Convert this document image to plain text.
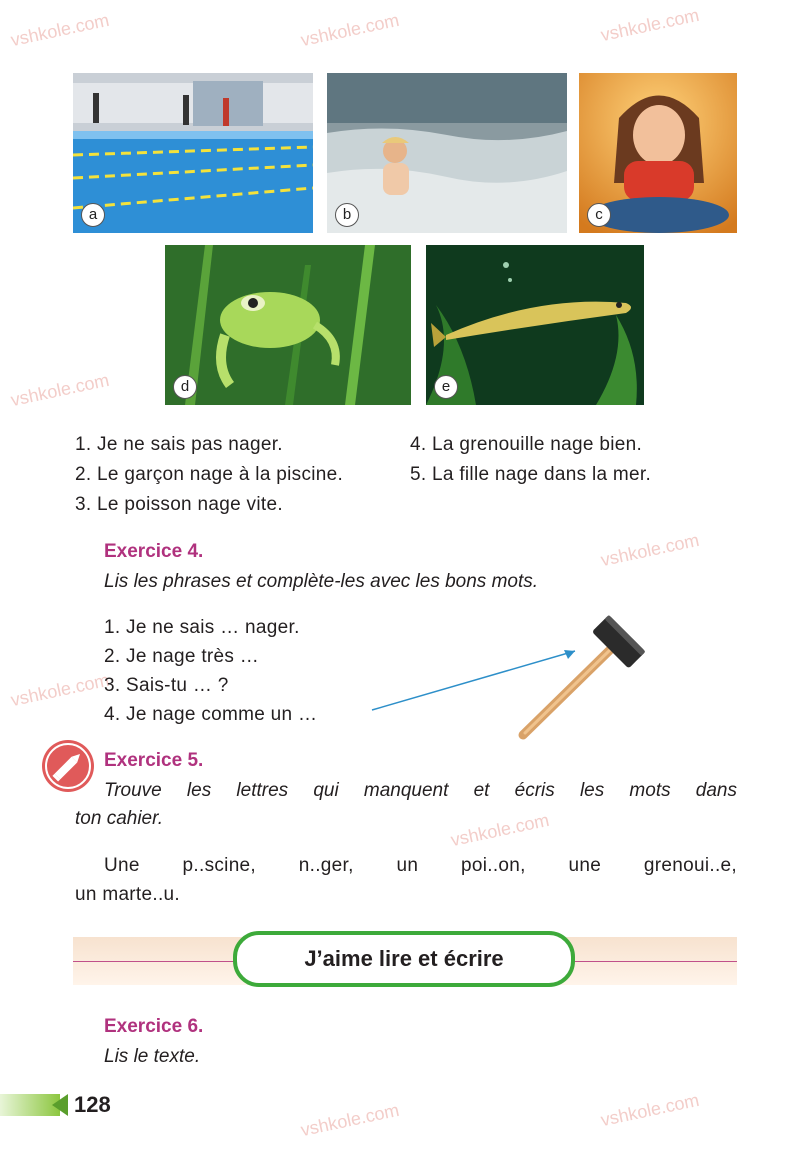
vshkole.com	vshkole.com	vshkole.com
vshkole.com
vshkole.com
vshkole.com
vshkole.com
vshkole.com	vshkole.com
a	b	c
d	e
1. Je ne sais pas nager.
2. Le garçon nage à la piscine.
3. Le poisson nage vite.
4. La grenouille nage bien.
5. La fille nage dans la mer.
Exercice 4.
Lis les phrases et complète-les avec les bons mots.
1. Je ne sais … nager.
2. Je nage très …
3. Sais-tu … ?
4. Je nage comme un …
Exercice 5.
Trouve les lettres qui manquent et écris les mots dans
ton cahier.
Une p..scine, n..ger, un poi..on, une grenoui..e,
un marte..u.
J’aime lire et écrire
Exercice 6.
Lis le texte.
128
